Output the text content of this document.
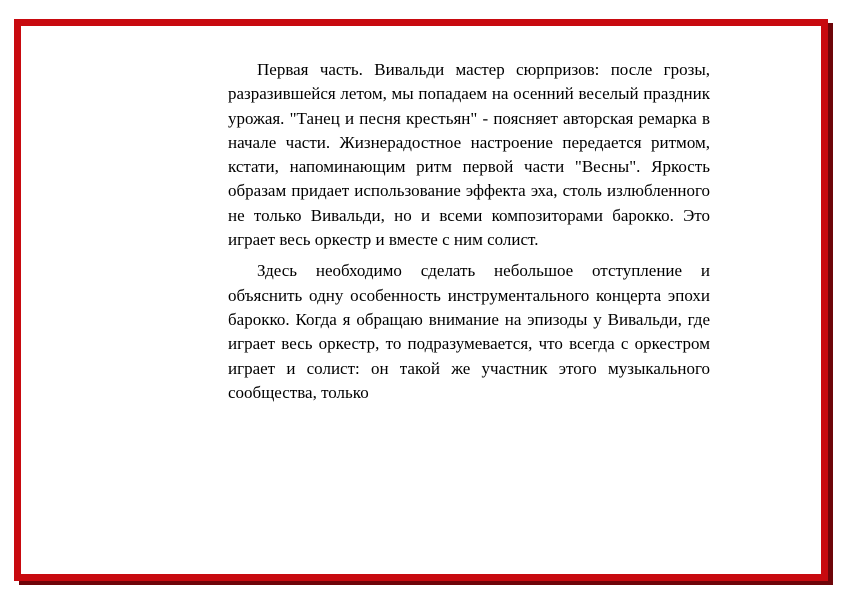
Первая часть. Вивальди мастер сюрпризов: после грозы, разразившейся летом, мы попадаем на осенний веселый праздник урожая. "Танец и песня крестьян" - поясняет авторская ремарка в начале части. Жизнерадостное настроение передается ритмом, кстати, напоминающим ритм первой части "Весны". Яркость образам придает использование эффекта эха, столь излюбленного не только Вивальди, но и всеми композиторами барокко. Это играет весь оркестр и вместе с ним солист.

Здесь необходимо сделать небольшое отступление и объяснить одну особенность инструментального концерта эпохи барокко. Когда я обращаю внимание на эпизоды у Вивальди, где играет весь оркестр, то подразумевается, что всегда с оркестром играет и солист: он такой же участник этого музыкального сообщества, только
